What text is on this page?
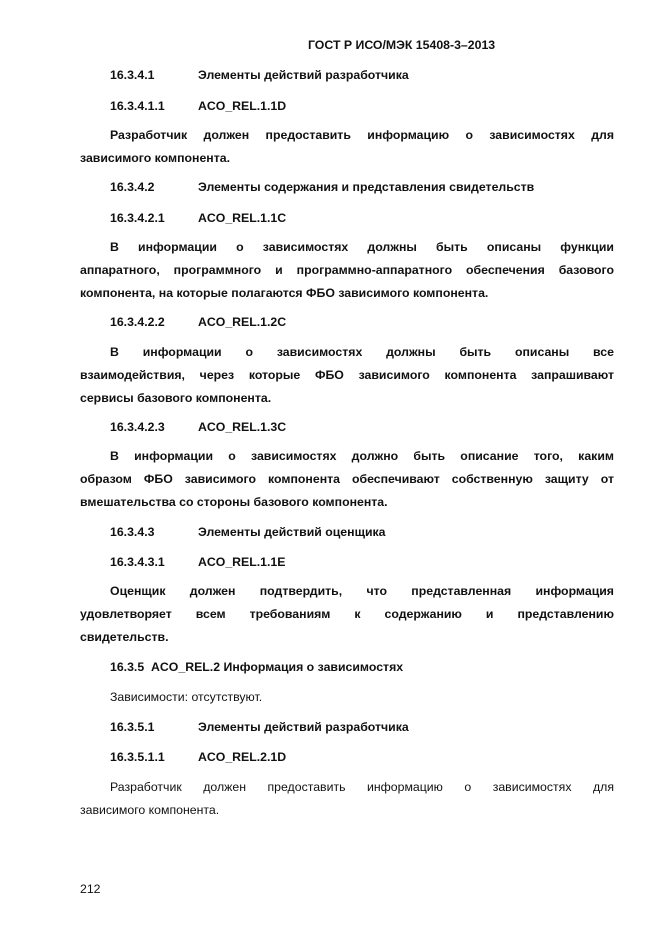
ГОСТ Р ИСО/МЭК 15408-3–2013
16.3.4.1	Элементы действий разработчика
16.3.4.1.1	ACO_REL.1.1D
Разработчик должен предоставить информацию о зависимостях для
зависимого компонента.
16.3.4.2	Элементы содержания и представления свидетельств
16.3.4.2.1	ACO_REL.1.1C
В информации о зависимостях должны быть описаны функции
аппаратного, программного и программно-аппаратного обеспечения базового
компонента, на которые полагаются ФБО зависимого компонента.
16.3.4.2.2	ACO_REL.1.2C
В информации о зависимостях должны быть описаны все
взаимодействия, через которые ФБО зависимого компонента запрашивают
сервисы базового компонента.
16.3.4.2.3	ACO_REL.1.3C
В информации о зависимостях должно быть описание того, каким
образом ФБО зависимого компонента обеспечивают собственную защиту от
вмешательства со стороны базового компонента.
16.3.4.3	Элементы действий оценщика
16.3.4.3.1	ACO_REL.1.1E
Оценщик должен подтвердить, что представленная информация
удовлетворяет всем требованиям к содержанию и представлению
свидетельств.
16.3.5 ACO_REL.2 Информация о зависимостях
Зависимости: отсутствуют.
16.3.5.1	Элементы действий разработчика
16.3.5.1.1	ACO_REL.2.1D
Разработчик должен предоставить информацию о зависимостях для
зависимого компонента.
212
